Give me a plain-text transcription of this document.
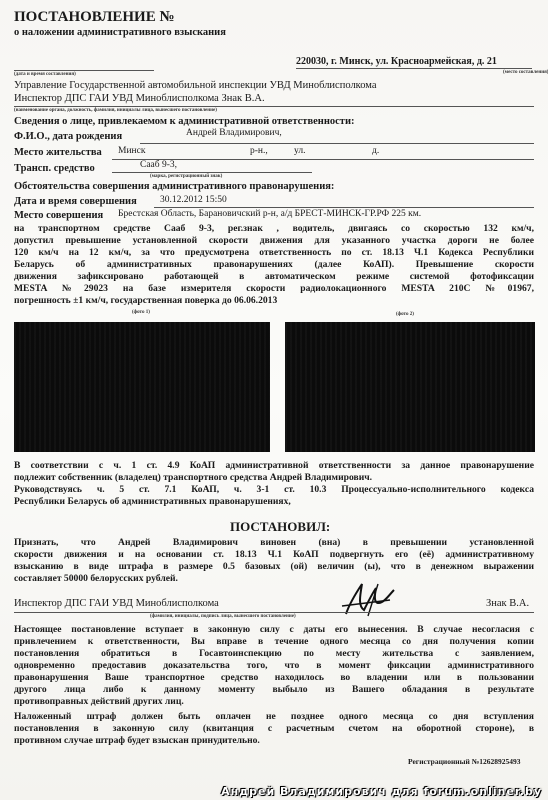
ПОСТАНОВЛЕНИЕ №
о наложении административного взыскания
220030, г. Минск, ул. Красноармейская, д. 21
(место составления)
(дата и время составления)
Управление Государственной автомобильной инспекции УВД Миноблисполкома
Инспектор ДПС ГАИ УВД Миноблисполкома Знак В.А.
(наименование органа, должность, фамилия, инициалы лица, вынесшего постановление)
Сведения о лице, привлекаемом к административной ответственности:
Ф.И.О., дата рождения	Андрей Владимирович,
Место жительства Минск	р-н.,	ул.	д.
Трансп. средство	Сааб 9-3,
(марка, регистрационный знак)
Обстоятельства совершения административного правонарушения:
Дата и время совершения 30.12.2012 15:50
Место совершения Брестская Область, Барановичский р-н, а/д БРЕСТ-МИНСК-ГР.РФ 225 км.
на транспортном средстве Сааб 9-3, рег.знак , водитель, двигаясь со скоростью 132 км/ч,
допустил превышение установленной скорости движения для указанного участка дороги не более
120 км/ч на 12 км/ч, за что предусмотрена ответственность по ст. 18.13 Ч.1 Кодекса Республики
Беларусь об административных правонарушениях (далее КоАП). Превышение скорости
движения зафиксировано работающей в автоматическом режиме системой фотофиксации
MESTA №29023 на базе измерителя скорости радиолокационного MESTA 210C №01967,
погрешность ±1 км/ч, государственная поверка до 06.06.2013
(фото 1)	(фото 2)
В соответствии с ч. 1 ст. 4.9 КоАП административной ответственности за данное правонарушение
подлежит собственник (владелец) транспортного средства Андрей Владимирович.
Руководствуясь ч. 5 ст. 7.1 КоАП, ч. 3-1 ст. 10.3 Процессуально-исполнительного кодекса
Республики Беларусь об административных правонарушениях,
ПОСТАНОВИЛ:
Признать, что Андрей Владимирович виновен (вна) в превышении установленной
скорости движения и на основании ст. 18.13 Ч.1 КоАП подвергнуть его (её) административному
взысканию в виде штрафа в размере 0.5 базовых (ой) величин (ы), что в денежном выражении
составляет 50000 белорусских рублей.
Инспектор ДПС ГАИ УВД Миноблисполкома	Знак В.А.
(фамилия, инициалы, подпись лица, вынесшего постановление)
Настоящее постановление вступает в законную силу с даты его вынесения. В случае несогласия с
привлечением к ответственности, Вы вправе в течение одного месяца со дня получения копии
постановления обратиться в Госавтоинспекцию по месту жительства с заявлением,
одновременно предоставив доказательства того, что в момент фиксации административного
правонарушения Ваше транспортное средство находилось во владении или в пользовании
другого лица либо к данному моменту выбыло из Вашего обладания в результате
противоправных действий других лиц.
Наложенный штраф должен быть оплачен не позднее одного месяца со дня вступления
постановления в законную силу (квитанция с расчетным счетом на оборотной стороне), в
противном случае штраф будет взыскан принудительно.
Регистрационный №12628925493
Андрей Владимирович для forum.onliner.by
